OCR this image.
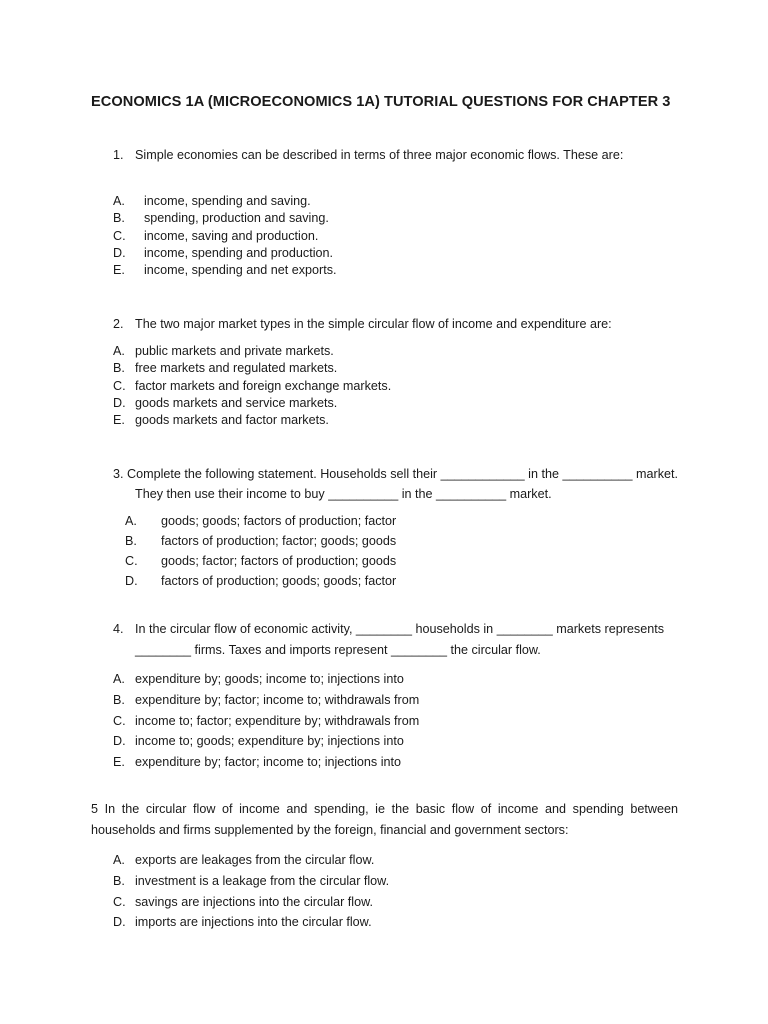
ECONOMICS 1A (MICROECONOMICS 1A) TUTORIAL QUESTIONS FOR CHAPTER 3
1. Simple economies can be described in terms of three major economic flows. These are:
A.	income, spending and saving.
B.	spending, production and saving.
C.	income, saving and production.
D.	income, spending and production.
E.	income, spending and net exports.
2. The two major market types in the simple circular flow of income and expenditure are:
A. public markets and private markets.
B. free markets and regulated markets.
C. factor markets and foreign exchange markets.
D. goods markets and service markets.
E. goods markets and factor markets.
3. Complete the following statement. Households sell their ____________ in the __________ market.
They then use their income to buy __________ in the __________ market.
A.	goods; goods; factors of production; factor
B.	factors of production; factor; goods; goods
C.	goods; factor; factors of production; goods
D.	factors of production; goods; goods; factor
4. In the circular flow of economic activity, ________ households in ________ markets represents
________ firms. Taxes and imports represent ________ the circular flow.
A. expenditure by; goods; income to; injections into
B. expenditure by; factor; income to; withdrawals from
C. income to; factor; expenditure by; withdrawals from
D. income to; goods; expenditure by; injections into
E. expenditure by; factor; income to; injections into
5 In the circular flow of income and spending, ie the basic flow of income and spending between households and firms supplemented by the foreign, financial and government sectors:
A. exports are leakages from the circular flow.
B. investment is a leakage from the circular flow.
C. savings are injections into the circular flow.
D. imports are injections into the circular flow.
